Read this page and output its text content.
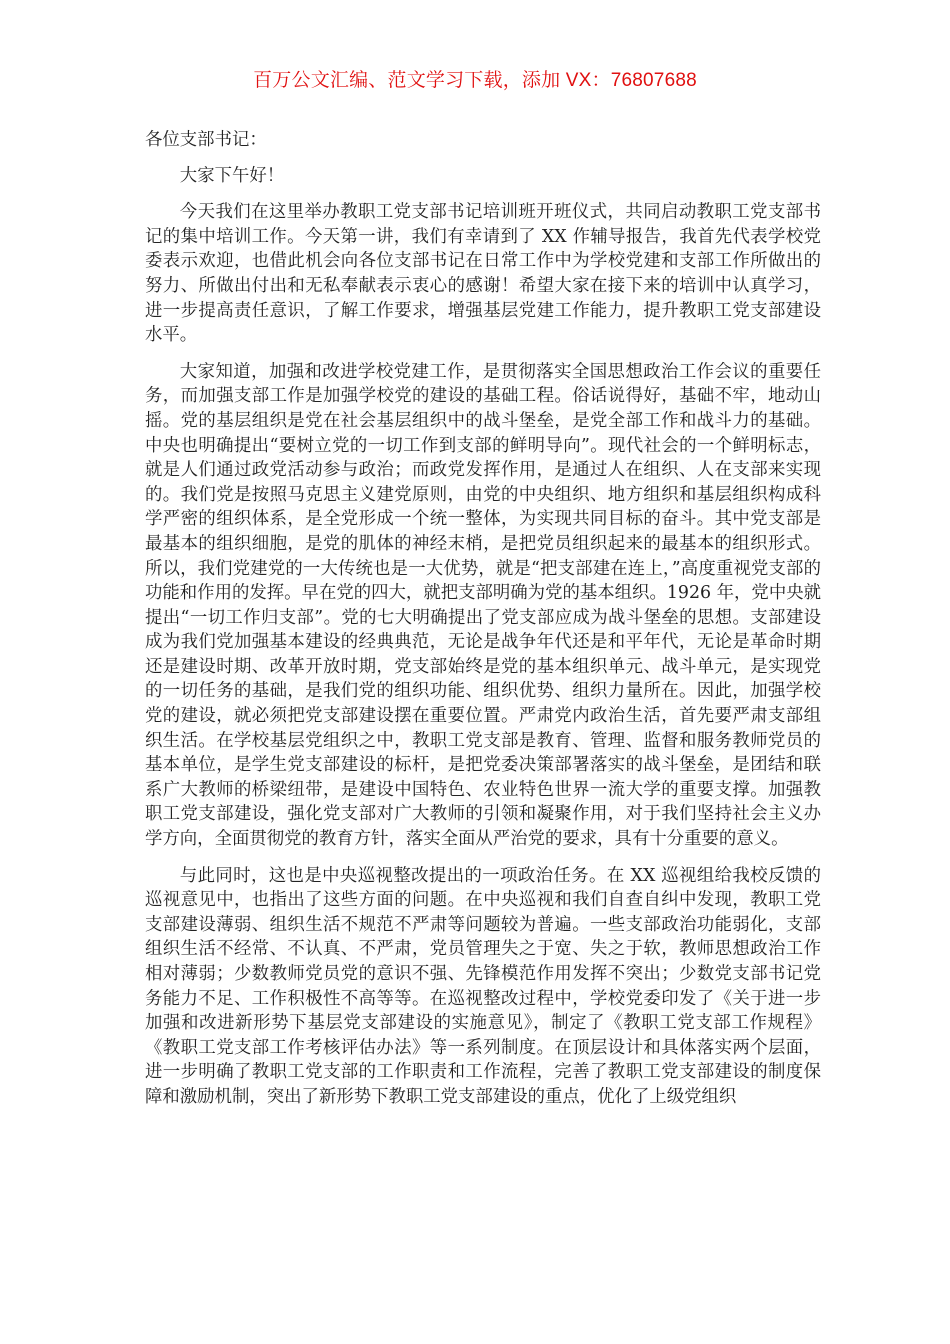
百万公文汇编、范文学习下载，添加 VX：76807688

各位支部书记：

大家下午好！

今天我们在这里举办教职工党支部书记培训班开班仪式，共同启动教职工党支部书记的集中培训工作。今天第一讲，我们有幸请到了 XX 作辅导报告，我首先代表学校党委表示欢迎，也借此机会向各位支部书记在日常工作中为学校党建和支部工作所做出的努力、所做出付出和无私奉献表示衷心的感谢！希望大家在接下来的培训中认真学习，进一步提高责任意识，了解工作要求，增强基层党建工作能力，提升教职工党支部建设水平。

大家知道，加强和改进学校党建工作，是贯彻落实全国思想政治工作会议的重要任务，而加强支部工作是加强学校党的建设的基础工程。俗话说得好，基础不牢，地动山摇。党的基层组织是党在社会基层组织中的战斗堡垒，是党全部工作和战斗力的基础。中央也明确提出“要树立党的一切工作到支部的鲜明导向”。现代社会的一个鲜明标志，就是人们通过政党活动参与政治；而政党发挥作用，是通过人在组织、人在支部来实现的。我们党是按照马克思主义建党原则，由党的中央组织、地方组织和基层组织构成科学严密的组织体系，是全党形成一个统一整体，为实现共同目标的奋斗。其中党支部是最基本的组织细胞，是党的肌体的神经末梢，是把党员组织起来的最基本的组织形式。所以，我们党建党的一大传统也是一大优势，就是“把支部建在连上，”高度重视党支部的功能和作用的发挥。早在党的四大，就把支部明确为党的基本组织。1926 年，党中央就提出“一切工作归支部”。党的七大明确提出了党支部应成为战斗堡垒的思想。支部建设成为我们党加强基本建设的经典典范，无论是战争年代还是和平年代，无论是革命时期还是建设时期、改革开放时期，党支部始终是党的基本组织单元、战斗单元，是实现党的一切任务的基础，是我们党的组织功能、组织优势、组织力量所在。因此，加强学校党的建设，就必须把党支部建设摆在重要位置。严肃党内政治生活，首先要严肃支部组织生活。在学校基层党组织之中，教职工党支部是教育、管理、监督和服务教师党员的基本单位，是学生党支部建设的标杆，是把党委决策部署落实的战斗堡垒，是团结和联系广大教师的桥梁纽带，是建设中国特色、农业特色世界一流大学的重要支撑。加强教职工党支部建设，强化党支部对广大教师的引领和凝聚作用，对于我们坚持社会主义办学方向，全面贯彻党的教育方针，落实全面从严治党的要求，具有十分重要的意义。

与此同时，这也是中央巡视整改提出的一项政治任务。在 XX 巡视组给我校反馈的巡视意见中，也指出了这些方面的问题。在中央巡视和我们自查自纠中发现，教职工党支部建设薄弱、组织生活不规范不严肃等问题较为普遍。一些支部政治功能弱化，支部组织生活不经常、不认真、不严肃，党员管理失之于宽、失之于软，教师思想政治工作相对薄弱；少数教师党员党的意识不强、先锋模范作用发挥不突出；少数党支部书记党务能力不足、工作积极性不高等等。在巡视整改过程中，学校党委印发了《关于进一步加强和改进新形势下基层党支部建设的实施意见》，制定了《教职工党支部工作规程》《教职工党支部工作考核评估办法》等一系列制度。在顶层设计和具体落实两个层面，进一步明确了教职工党支部的工作职责和工作流程，完善了教职工党支部建设的制度保障和激励机制，突出了新形势下教职工党支部建设的重点，优化了上级党组织
